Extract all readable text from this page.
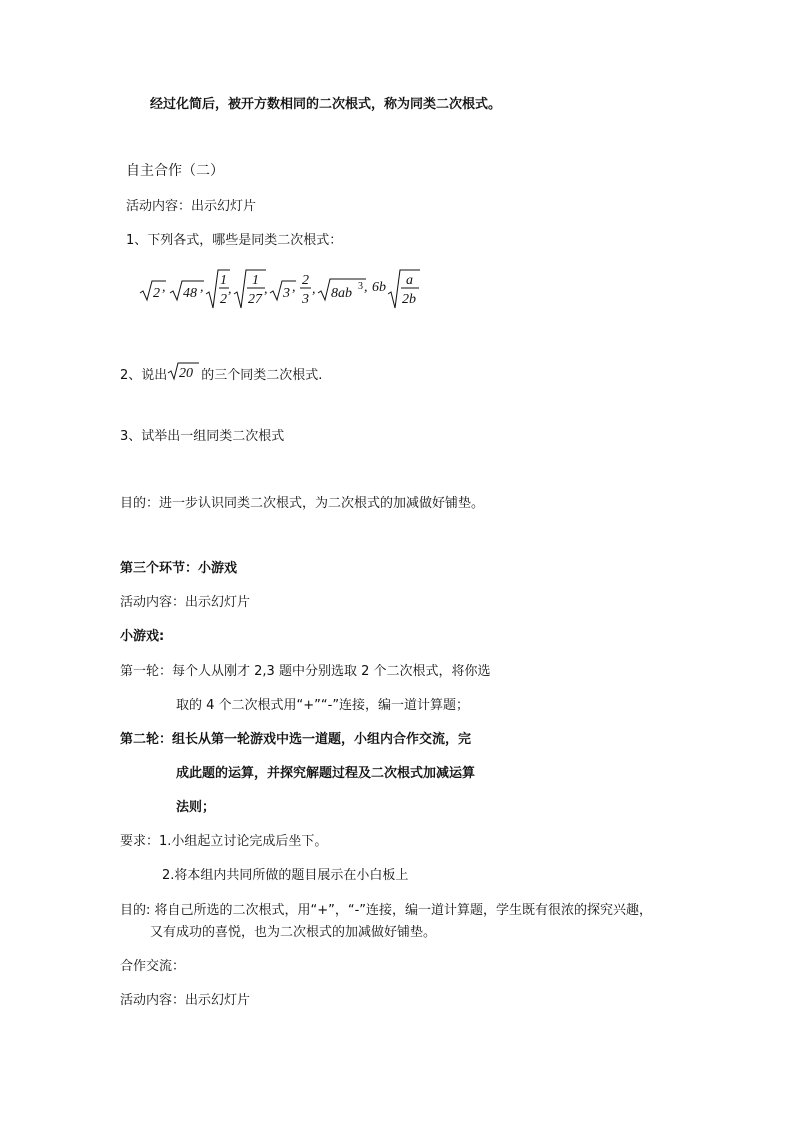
经过化简后，被开方数相同的二次根式，称为同类二次根式。
自主合作（二）
活动内容：出示幻灯片
1、下列各式，哪些是同类二次根式：
2 , 48 , 1
2
,
1
27
, 3 , 2
3
, 8ab 3 , 6b a
2b
2、说出 20 的三个同类二次根式.
3、试举出一组同类二次根式
目的：进一步认识同类二次根式，为二次根式的加减做好铺垫。
第三个环节：小游戏
活动内容：出示幻灯片
小游戏:
第一轮：每个人从刚才 2,3 题中分别选取 2 个二次根式，将你选
取的 4 个二次根式用“+”“-”连接，编一道计算题；
第二轮：组长从第一轮游戏中选一道题，小组内合作交流，完
成此题的运算，并探究解题过程及二次根式加减运算
法则；
要求：1.小组起立讨论完成后坐下。
2.将本组内共同所做的题目展示在小白板上
目的: 将自己所选的二次根式，用“+”，“-”连接，编一道计算题，学生既有很浓的探究兴趣，
又有成功的喜悦，也为二次根式的加减做好铺垫。
合作交流：
活动内容：出示幻灯片
